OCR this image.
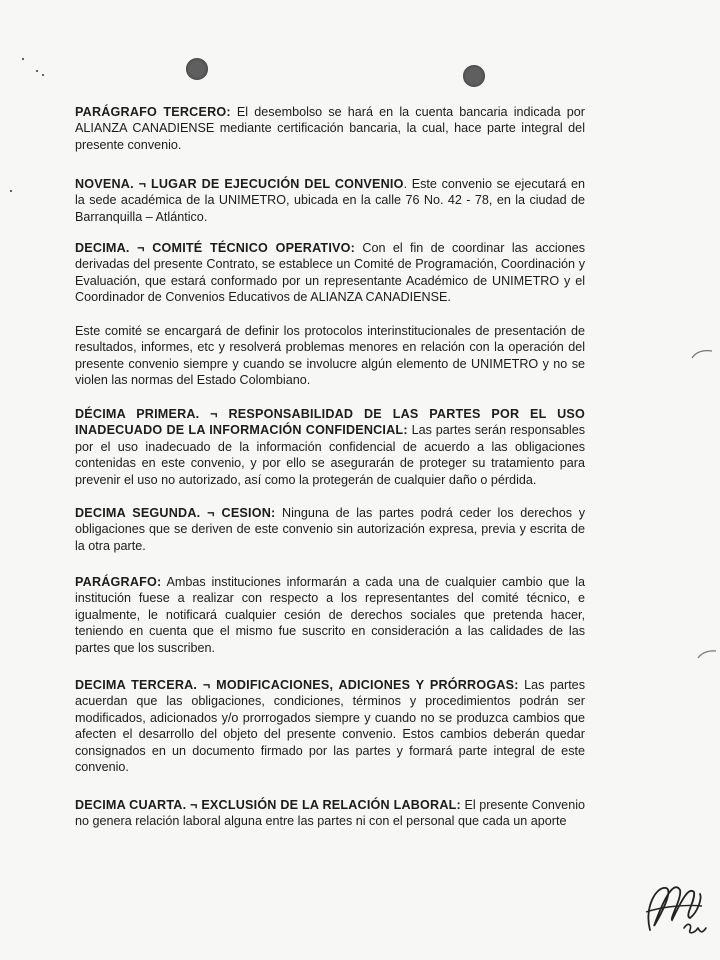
PARÁGRAFO TERCERO: El desembolso se hará en la cuenta bancaria indicada por ALIANZA CANADIENSE mediante certificación bancaria, la cual, hace parte integral del presente convenio.

NOVENA. ¬ LUGAR DE EJECUCIÓN DEL CONVENIO. Este convenio se ejecutará en la sede académica de la UNIMETRO, ubicada en la calle 76 No. 42 - 78, en la ciudad de Barranquilla – Atlántico.

DECIMA. ¬ COMITÉ TÉCNICO OPERATIVO: Con el fin de coordinar las acciones derivadas del presente Contrato, se establece un Comité de Programación, Coordinación y Evaluación, que estará conformado por un representante Académico de UNIMETRO y el Coordinador de Convenios Educativos de ALIANZA CANADIENSE.

Este comité se encargará de definir los protocolos interinstitucionales de presentación de resultados, informes, etc y resolverá problemas menores en relación con la operación del presente convenio siempre y cuando se involucre algún elemento de UNIMETRO y no se violen las normas del Estado Colombiano.

DÉCIMA PRIMERA. ¬ RESPONSABILIDAD DE LAS PARTES POR EL USO INADECUADO DE LA INFORMACIÓN CONFIDENCIAL: Las partes serán responsables por el uso inadecuado de la información confidencial de acuerdo a las obligaciones contenidas en este convenio, y por ello se asegurarán de proteger su tratamiento para prevenir el uso no autorizado, así como la protegerán de cualquier daño o pérdida.

DECIMA SEGUNDA. ¬ CESION: Ninguna de las partes podrá ceder los derechos y obligaciones que se deriven de este convenio sin autorización expresa, previa y escrita de la otra parte.

PARÁGRAFO: Ambas instituciones informarán a cada una de cualquier cambio que la institución fuese a realizar con respecto a los representantes del comité técnico, e igualmente, le notificará cualquier cesión de derechos sociales que pretenda hacer, teniendo en cuenta que el mismo fue suscrito en consideración a las calidades de las partes que los suscriben.

DECIMA TERCERA. ¬ MODIFICACIONES, ADICIONES Y PRÓRROGAS: Las partes acuerdan que las obligaciones, condiciones, términos y procedimientos podrán ser modificados, adicionados y/o prorrogados siempre y cuando no se produzca cambios que afecten el desarrollo del objeto del presente convenio. Estos cambios deberán quedar consignados en un documento firmado por las partes y formará parte integral de este convenio.

DECIMA CUARTA. ¬ EXCLUSIÓN DE LA RELACIÓN LABORAL: El presente Convenio no genera relación laboral alguna entre las partes ni con el personal que cada un aporte
